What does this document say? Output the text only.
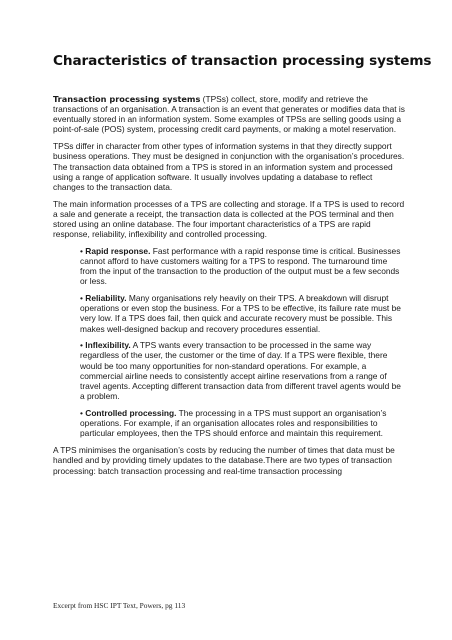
Characteristics of transaction processing systems

Transaction processing systems (TPSs) collect, store, modify and retrieve the transactions of an organisation. A transaction is an event that generates or modifies data that is eventually stored in an information system. Some examples of TPSs are selling goods using a point-of-sale (POS) system, processing credit card payments, or making a motel reservation.

TPSs differ in character from other types of information systems in that they directly support business operations. They must be designed in conjunction with the organisation’s procedures. The transaction data obtained from a TPS is stored in an information system and processed using a range of application software. It usually involves updating a database to reflect changes to the transaction data.

The main information processes of a TPS are collecting and storage. If a TPS is used to record a sale and generate a receipt, the transaction data is collected at the POS terminal and then stored using an online database. The four important characteristics of a TPS are rapid response, reliability, inflexibility and controlled processing.

• Rapid response. Fast performance with a rapid response time is critical. Businesses cannot afford to have customers waiting for a TPS to respond. The turnaround time from the input of the transaction to the production of the output must be a few seconds or less.
• Reliability. Many organisations rely heavily on their TPS. A breakdown will disrupt operations or even stop the business. For a TPS to be effective, its failure rate must be very low. If a TPS does fail, then quick and accurate recovery must be possible. This makes well-designed backup and recovery procedures essential.
• Inflexibility. A TPS wants every transaction to be processed in the same way regardless of the user, the customer or the time of day. If a TPS were flexible, there would be too many opportunities for non-standard operations. For example, a commercial airline needs to consistently accept airline reservations from a range of travel agents. Accepting different transaction data from different travel agents would be a problem.
• Controlled processing. The processing in a TPS must support an organisation’s operations. For example, if an organisation allocates roles and responsibilities to particular employees, then the TPS should enforce and maintain this requirement.

A TPS minimises the organisation’s costs by reducing the number of times that data must be handled and by providing timely updates to the database.There are two types of transaction processing: batch transaction processing and real-time transaction processing

Excerpt from HSC IPT Text, Powers, pg 113
